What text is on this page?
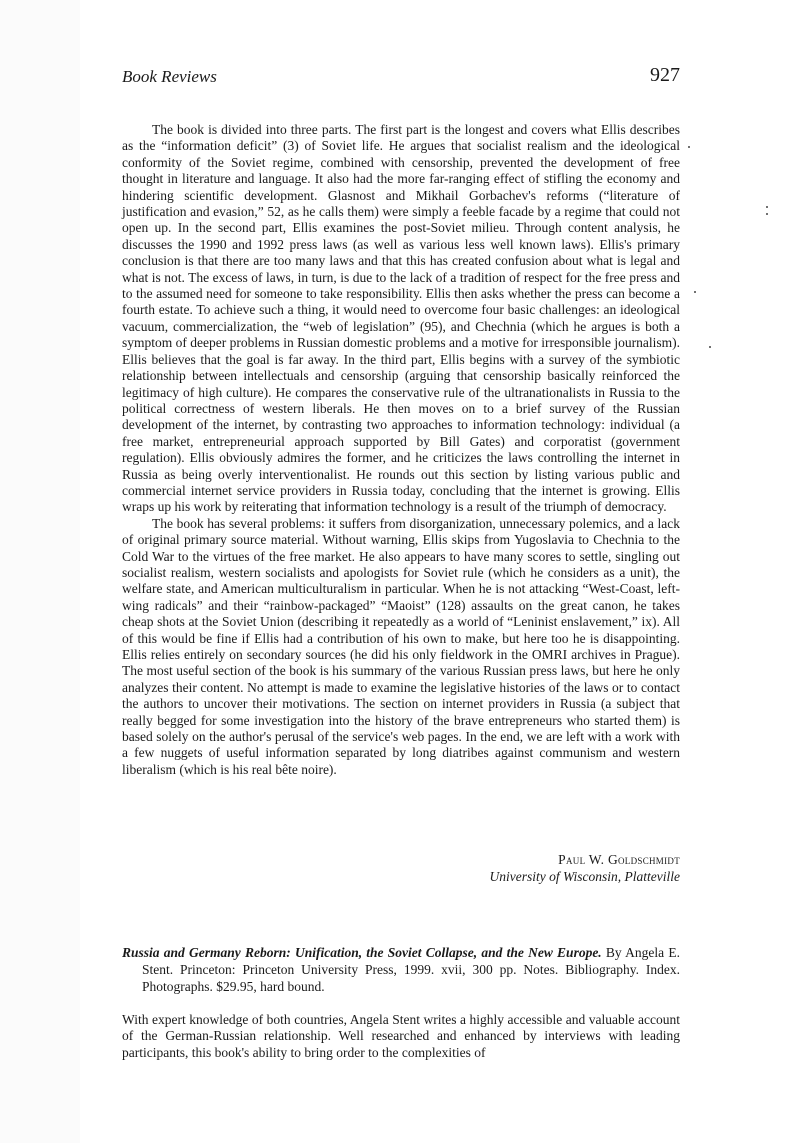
Book Reviews	927

The book is divided into three parts. The first part is the longest and covers what Ellis describes as the “information deficit” (3) of Soviet life. He argues that socialist realism and the ideological conformity of the Soviet regime, combined with censorship, prevented the development of free thought in literature and language. It also had the more far-ranging effect of stifling the economy and hindering scientific development. Glasnost and Mikhail Gorbachev's reforms (“literature of justification and evasion,” 52, as he calls them) were simply a feeble facade by a regime that could not open up. In the second part, Ellis examines the post-Soviet milieu. Through content analysis, he discusses the 1990 and 1992 press laws (as well as various less well known laws). Ellis's primary conclusion is that there are too many laws and that this has created confusion about what is legal and what is not. The excess of laws, in turn, is due to the lack of a tradition of respect for the free press and to the assumed need for someone to take responsibility. Ellis then asks whether the press can become a fourth estate. To achieve such a thing, it would need to overcome four basic challenges: an ideological vacuum, commercialization, the “web of legislation” (95), and Chechnia (which he argues is both a symptom of deeper problems in Russian domestic problems and a motive for irresponsible journalism). Ellis believes that the goal is far away. In the third part, Ellis begins with a survey of the symbiotic relationship between intellectuals and censorship (arguing that censorship basically reinforced the legitimacy of high culture). He compares the conservative rule of the ultranationalists in Russia to the political correctness of western liberals. He then moves on to a brief survey of the Russian development of the internet, by contrasting two approaches to information technology: individual (a free market, entrepreneurial approach supported by Bill Gates) and corporatist (government regulation). Ellis obviously admires the former, and he criticizes the laws controlling the internet in Russia as being overly interventionalist. He rounds out this section by listing various public and commercial internet service providers in Russia today, concluding that the internet is growing. Ellis wraps up his work by reiterating that information technology is a result of the triumph of democracy.

The book has several problems: it suffers from disorganization, unnecessary polemics, and a lack of original primary source material. Without warning, Ellis skips from Yugoslavia to Chechnia to the Cold War to the virtues of the free market. He also appears to have many scores to settle, singling out socialist realism, western socialists and apologists for Soviet rule (which he considers as a unit), the welfare state, and American multiculturalism in particular. When he is not attacking “West-Coast, left-wing radicals” and their “rainbow-packaged” “Maoist” (128) assaults on the great canon, he takes cheap shots at the Soviet Union (describing it repeatedly as a world of “Leninist enslavement,” ix). All of this would be fine if Ellis had a contribution of his own to make, but here too he is disappointing. Ellis relies entirely on secondary sources (he did his only fieldwork in the OMRI archives in Prague). The most useful section of the book is his summary of the various Russian press laws, but here he only analyzes their content. No attempt is made to examine the legislative histories of the laws or to contact the authors to uncover their motivations. The section on internet providers in Russia (a subject that really begged for some investigation into the history of the brave entrepreneurs who started them) is based solely on the author's perusal of the service's web pages. In the end, we are left with a work with a few nuggets of useful information separated by long diatribes against communism and western liberalism (which is his real bête noire).

Paul W. Goldschmidt
University of Wisconsin, Platteville
Russia and Germany Reborn: Unification, the Soviet Collapse, and the New Europe. By Angela E. Stent. Princeton: Princeton University Press, 1999. xvii, 300 pp. Notes. Bibliography. Index. Photographs. $29.95, hard bound.

With expert knowledge of both countries, Angela Stent writes a highly accessible and valuable account of the German-Russian relationship. Well researched and enhanced by interviews with leading participants, this book's ability to bring order to the complexities of
